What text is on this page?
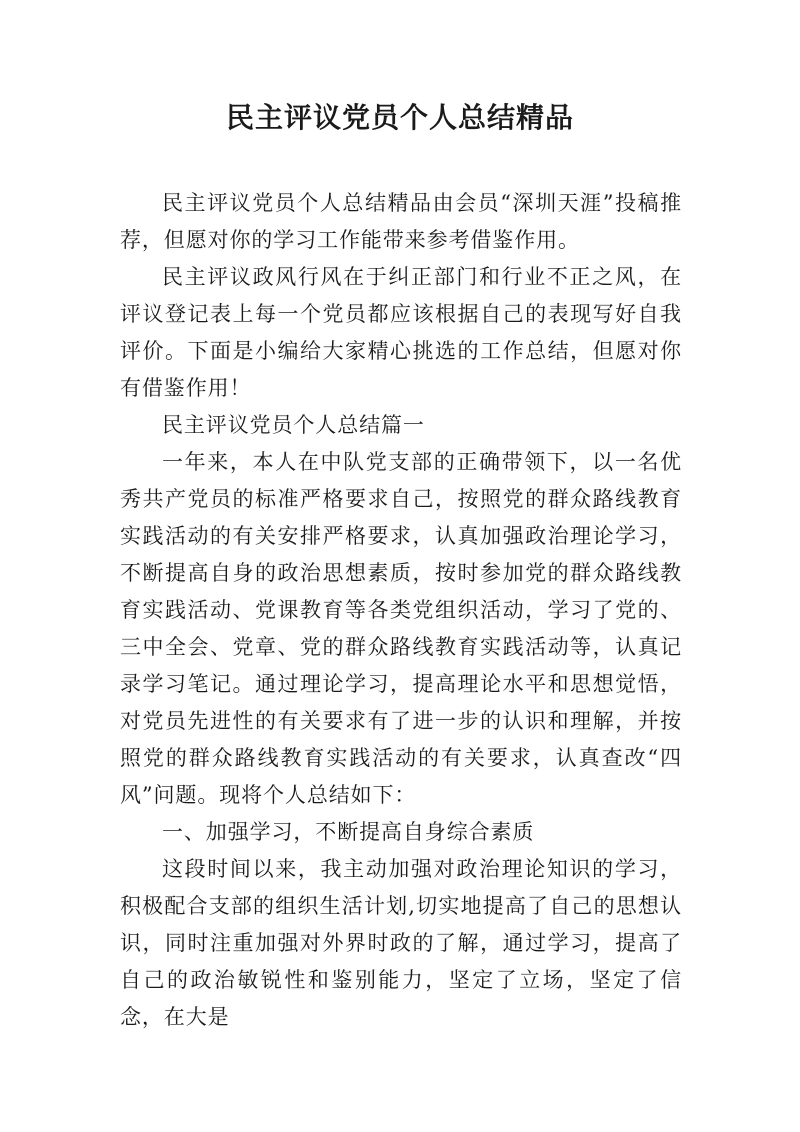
民主评议党员个人总结精品

民主评议党员个人总结精品由会员“深圳天涯”投稿推荐，但愿对你的学习工作能带来参考借鉴作用。

民主评议政风行风在于纠正部门和行业不正之风，在评议登记表上每一个党员都应该根据自己的表现写好自我评价。下面是小编给大家精心挑选的工作总结，但愿对你有借鉴作用！

民主评议党员个人总结篇一

一年来，本人在中队党支部的正确带领下，以一名优秀共产党员的标准严格要求自己，按照党的群众路线教育实践活动的有关安排严格要求，认真加强政治理论学习，不断提高自身的政治思想素质，按时参加党的群众路线教育实践活动、党课教育等各类党组织活动，学习了党的、三中全会、党章、党的群众路线教育实践活动等，认真记录学习笔记。通过理论学习，提高理论水平和思想觉悟，对党员先进性的有关要求有了进一步的认识和理解，并按照党的群众路线教育实践活动的有关要求，认真查改“四风”问题。现将个人总结如下：

一、加强学习，不断提高自身综合素质

这段时间以来，我主动加强对政治理论知识的学习，积极配合支部的组织生活计划,切实地提高了自己的思想认识，同时注重加强对外界时政的了解，通过学习，提高了自己的政治敏锐性和鉴别能力，坚定了立场，坚定了信念，在大是
